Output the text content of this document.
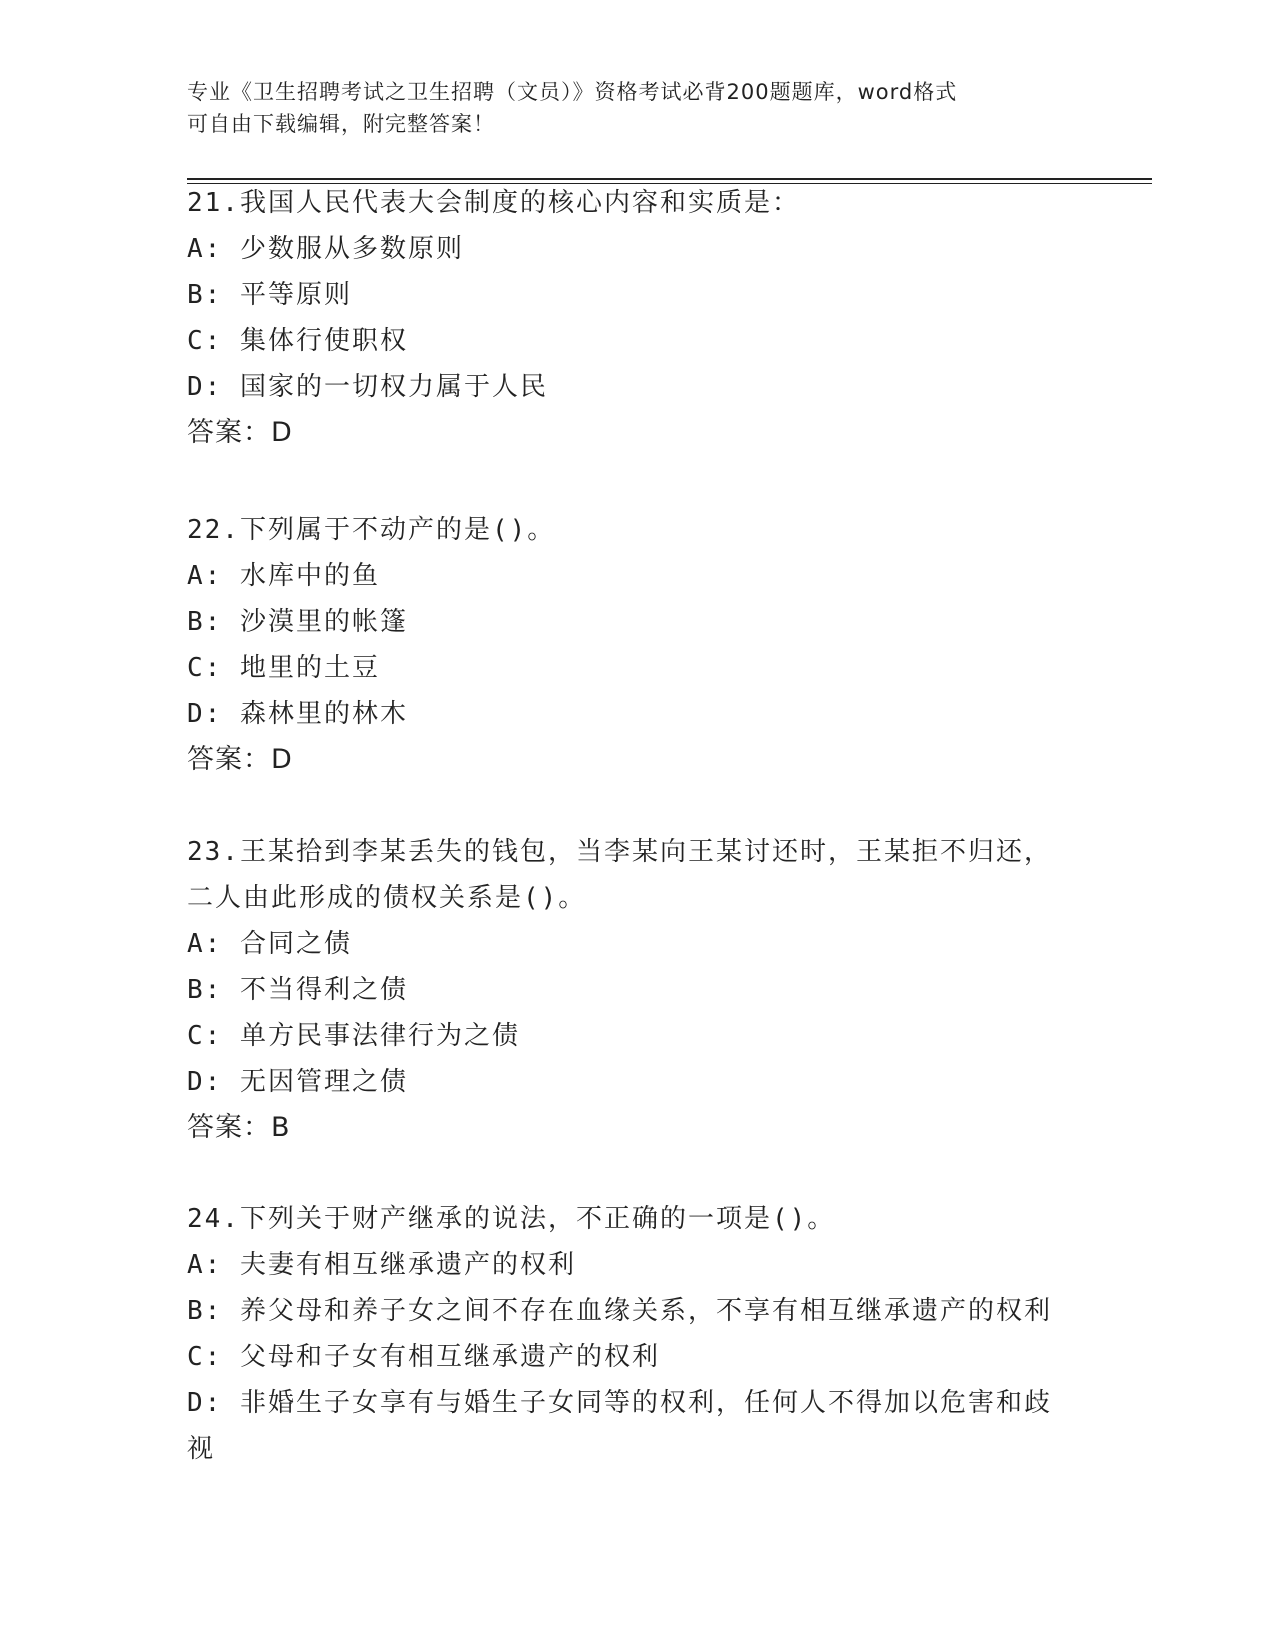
专业《卫生招聘考试之卫生招聘（文员）》资格考试必背200题题库，word格式
可自由下载编辑，附完整答案！
21.我国人民代表大会制度的核心内容和实质是：
A: 少数服从多数原则
B: 平等原则
C: 集体行使职权
D: 国家的一切权力属于人民
答案：D
22.下列属于不动产的是()。
A: 水库中的鱼
B: 沙漠里的帐篷
C: 地里的土豆
D: 森林里的林木
答案：D
23.王某拾到李某丢失的钱包，当李某向王某讨还时，王某拒不归还，
二人由此形成的债权关系是()。
A: 合同之债
B: 不当得利之债
C: 单方民事法律行为之债
D: 无因管理之债
答案：B
24.下列关于财产继承的说法，不正确的一项是()。
A: 夫妻有相互继承遗产的权利
B: 养父母和养子女之间不存在血缘关系，不享有相互继承遗产的权利
C: 父母和子女有相互继承遗产的权利
D: 非婚生子女享有与婚生子女同等的权利，任何人不得加以危害和歧
视
